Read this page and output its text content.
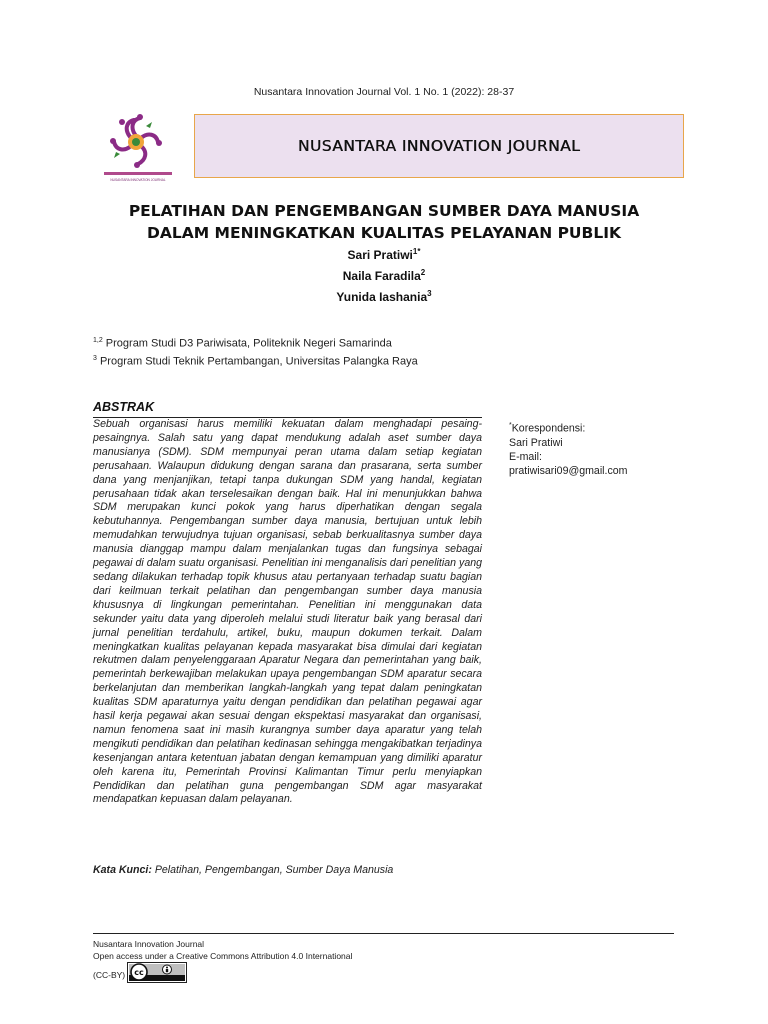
Nusantara Innovation Journal Vol. 1 No. 1 (2022): 28-37
NUSANTARA INNOVATION JOURNAL
NUSANTARA INNOVATION JOURNAL
PELATIHAN DAN PENGEMBANGAN SUMBER DAYA MANUSIA
DALAM MENINGKATKAN KUALITAS PELAYANAN PUBLIK
Sari Pratiwi$^{1*}$
Naila Faradila$^2$
Yunida Iashania$^3$
$^{1,2}$ Program Studi D3 Pariwisata, Politeknik Negeri Samarinda
$^3$ Program Studi Teknik Pertambangan, Universitas Palangka Raya
ABSTRAK
Sebuah organisasi harus memiliki kekuatan dalam menghadapi pesaing-pesaingnya. Salah satu yang dapat mendukung adalah aset sumber daya manusianya (SDM). SDM mempunyai peran utama dalam setiap kegiatan perusahaan. Walaupun didukung dengan sarana dan prasarana, serta sumber dana yang menjanjikan, tetapi tanpa dukungan SDM yang handal, kegiatan perusahaan tidak akan terselesaikan dengan baik. Hal ini menunjukkan bahwa SDM merupakan kunci pokok yang harus diperhatikan dengan segala kebutuhannya. Pengembangan sumber daya manusia, bertujuan untuk lebih memudahkan terwujudnya tujuan organisasi, sebab berkualitasnya sumber daya manusia dianggap mampu dalam menjalankan tugas dan fungsinya sebagai pegawai di dalam suatu organisasi. Penelitian ini menganalisis dari penelitian yang sedang dilakukan terhadap topik khusus atau pertanyaan terhadap suatu bagian dari keilmuan terkait pelatihan dan pengembangan sumber daya manusia khususnya di lingkungan pemerintahan. Penelitian ini menggunakan data sekunder yaitu data yang diperoleh melalui studi literatur baik yang berasal dari jurnal penelitian terdahulu, artikel, buku, maupun dokumen terkait. Dalam meningkatkan kualitas pelayanan kepada masyarakat bisa dimulai dari kegiatan rekutmen dalam penyelenggaraan Aparatur Negara dan pemerintahan yang baik, pemerintah berkewajiban melakukan upaya pengembangan SDM aparatur secara berkelanjutan dan memberikan langkah-langkah yang tepat dalam peningkatan kualitas SDM aparaturnya yaitu dengan pendidikan dan pelatihan pegawai agar hasil kerja pegawai akan sesuai dengan ekspektasi masyarakat dan organisasi, namun fenomena saat ini masih kurangnya sumber daya aparatur yang telah mengikuti pendidikan dan pelatihan kedinasan sehingga mengakibatkan terjadinya kesenjangan antara ketentuan jabatan dengan kemampuan yang dimiliki aparatur oleh karena itu, Pemerintah Provinsi Kalimantan Timur perlu menyiapkan Pendidikan dan pelatihan guna pengembangan SDM agar masyarakat mendapatkan kepuasan dalam pelayanan.
Kata Kunci: Pelatihan, Pengembangan, Sumber Daya Manusia
*Korespondensi:
Sari Pratiwi
E-mail:
pratiwisari09@gmail.com
Nusantara Innovation Journal
Open access under a Creative Commons Attribution 4.0 International
(CC-BY) cc
